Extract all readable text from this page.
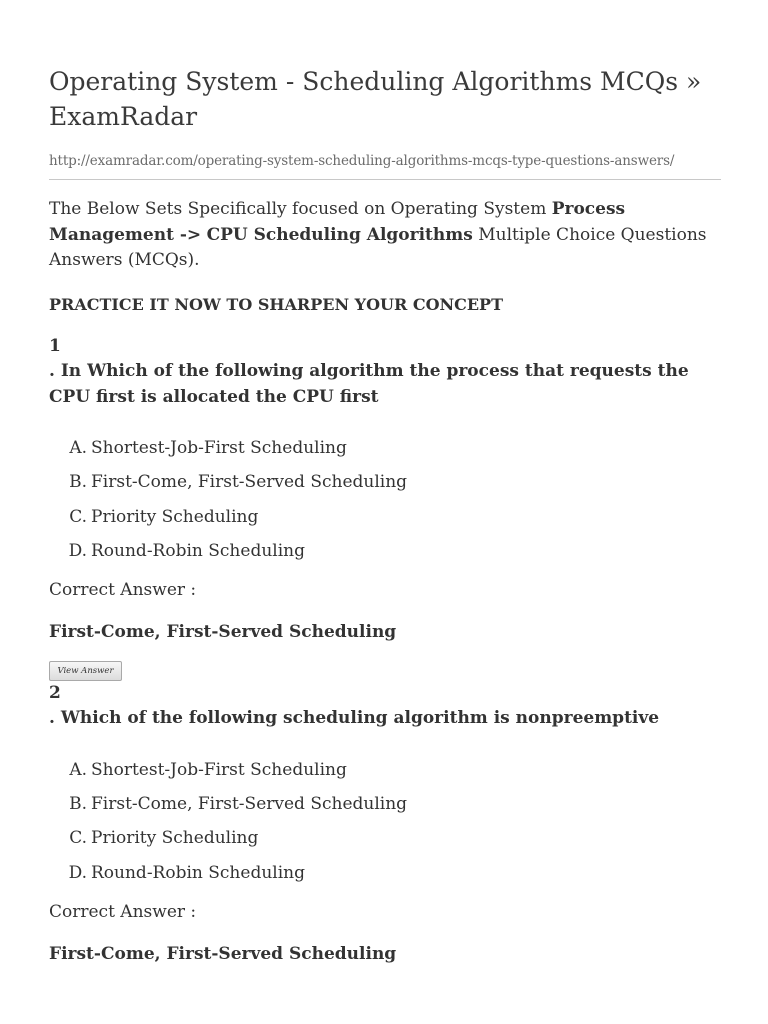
Operating System - Scheduling Algorithms MCQs » ExamRadar
http://examradar.com/operating-system-scheduling-algorithms-mcqs-type-questions-answers/
The Below Sets Specifically focused on Operating System Process Management -> CPU Scheduling Algorithms Multiple Choice Questions Answers (MCQs).
PRACTICE IT NOW TO SHARPEN YOUR CONCEPT
1
. In Which of the following algorithm the process that requests the CPU first is allocated the CPU first
A. Shortest-Job-First Scheduling
B. First-Come, First-Served Scheduling
C. Priority Scheduling
D. Round-Robin Scheduling
Correct Answer :
First-Come, First-Served Scheduling
View Answer
2
. Which of the following scheduling algorithm is nonpreemptive
A. Shortest-Job-First Scheduling
B. First-Come, First-Served Scheduling
C. Priority Scheduling
D. Round-Robin Scheduling
Correct Answer :
First-Come, First-Served Scheduling
